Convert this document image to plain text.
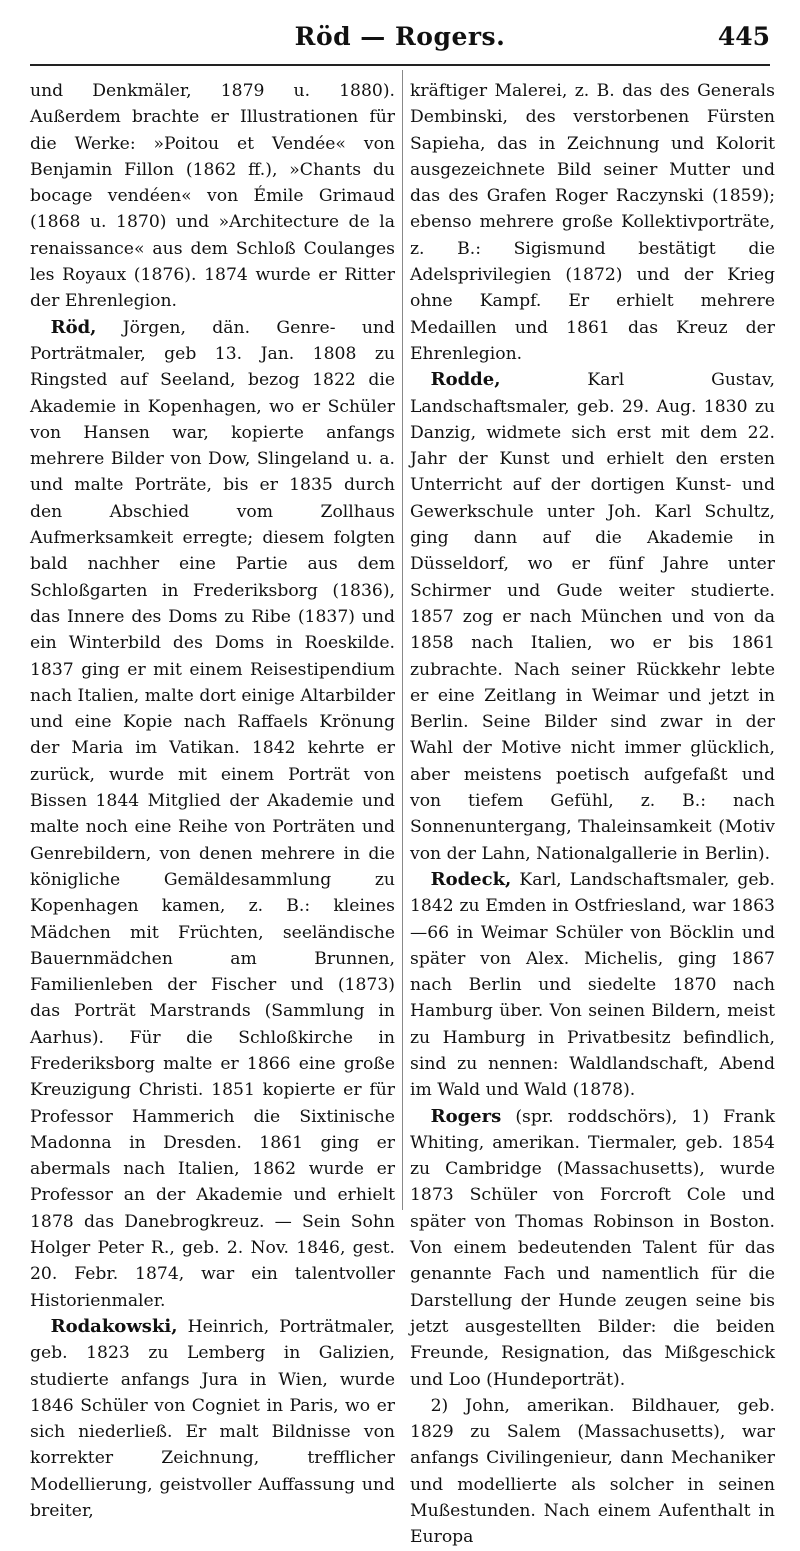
Röd — Rogers.	445

und Denkmäler, 1879 u. 1880). Außerdem brachte er Illustrationen für die Werke: »Poitou et Vendée« von Benjamin Fillon (1862 ff.), »Chants du bocage vendéen« von Émile Grimaud (1868 u. 1870) und »Architecture de la renaissance« aus dem Schloß Coulanges les Royaux (1876). 1874 wurde er Ritter der Ehrenlegion.
Röd, Jörgen, dän. Genre- und Porträtmaler, geb 13. Jan. 1808 zu Ringsted auf Seeland, bezog 1822 die Akademie in Kopenhagen, wo er Schüler von Hansen war, kopierte anfangs mehrere Bilder von Dow, Slingeland u. a. und malte Porträte, bis er 1835 durch den Abschied vom Zollhaus Aufmerksamkeit erregte; diesem folgten bald nachher eine Partie aus dem Schloßgarten in Frederiksborg (1836), das Innere des Doms zu Ribe (1837) und ein Winterbild des Doms in Roeskilde. 1837 ging er mit einem Reisestipendium nach Italien, malte dort einige Altarbilder und eine Kopie nach Raffaels Krönung der Maria im Vatikan. 1842 kehrte er zurück, wurde mit einem Porträt von Bissen 1844 Mitglied der Akademie und malte noch eine Reihe von Porträten und Genrebildern, von denen mehrere in die königliche Gemäldesammlung zu Kopenhagen kamen, z. B.: kleines Mädchen mit Früchten, seeländische Bauernmädchen am Brunnen, Familienleben der Fischer und (1873) das Porträt Marstrands (Sammlung in Aarhus). Für die Schloßkirche in Frederiksborg malte er 1866 eine große Kreuzigung Christi. 1851 kopierte er für Professor Hammerich die Sixtinische Madonna in Dresden. 1861 ging er abermals nach Italien, 1862 wurde er Professor an der Akademie und erhielt 1878 das Danebrogkreuz. — Sein Sohn Holger Peter R., geb. 2. Nov. 1846, gest. 20. Febr. 1874, war ein talentvoller Historienmaler.
Rodakowski, Heinrich, Porträtmaler, geb. 1823 zu Lemberg in Galizien, studierte anfangs Jura in Wien, wurde 1846 Schüler von Cogniet in Paris, wo er sich niederließ. Er malt Bildnisse von korrekter Zeichnung, trefflicher Modellierung, geistvoller Auffassung und breiter,

kräftiger Malerei, z. B. das des Generals Dembinski, des verstorbenen Fürsten Sapieha, das in Zeichnung und Kolorit ausgezeichnete Bild seiner Mutter und das des Grafen Roger Raczynski (1859); ebenso mehrere große Kollektivporträte, z. B.: Sigismund bestätigt die Adelsprivilegien (1872) und der Krieg ohne Kampf. Er erhielt mehrere Medaillen und 1861 das Kreuz der Ehrenlegion.
Rodde, Karl Gustav, Landschaftsmaler, geb. 29. Aug. 1830 zu Danzig, widmete sich erst mit dem 22. Jahr der Kunst und erhielt den ersten Unterricht auf der dortigen Kunst- und Gewerkschule unter Joh. Karl Schultz, ging dann auf die Akademie in Düsseldorf, wo er fünf Jahre unter Schirmer und Gude weiter studierte. 1857 zog er nach München und von da 1858 nach Italien, wo er bis 1861 zubrachte. Nach seiner Rückkehr lebte er eine Zeitlang in Weimar und jetzt in Berlin. Seine Bilder sind zwar in der Wahl der Motive nicht immer glücklich, aber meistens poetisch aufgefaßt und von tiefem Gefühl, z. B.: nach Sonnenuntergang, Thaleinsamkeit (Motiv von der Lahn, Nationalgallerie in Berlin).
Rodeck, Karl, Landschaftsmaler, geb. 1842 zu Emden in Ostfriesland, war 1863—66 in Weimar Schüler von Böcklin und später von Alex. Michelis, ging 1867 nach Berlin und siedelte 1870 nach Hamburg über. Von seinen Bildern, meist zu Hamburg in Privatbesitz befindlich, sind zu nennen: Waldlandschaft, Abend im Wald und Wald (1878).
Rogers (spr. roddschörs), 1) Frank Whiting, amerikan. Tiermaler, geb. 1854 zu Cambridge (Massachusetts), wurde 1873 Schüler von Forcroft Cole und später von Thomas Robinson in Boston. Von einem bedeutenden Talent für das genannte Fach und namentlich für die Darstellung der Hunde zeugen seine bis jetzt ausgestellten Bilder: die beiden Freunde, Resignation, das Mißgeschick und Loo (Hundeporträt).
2) John, amerikan. Bildhauer, geb. 1829 zu Salem (Massachusetts), war anfangs Civilingenieur, dann Mechaniker und modellierte als solcher in seinen Mußestunden. Nach einem Aufenthalt in Europa
